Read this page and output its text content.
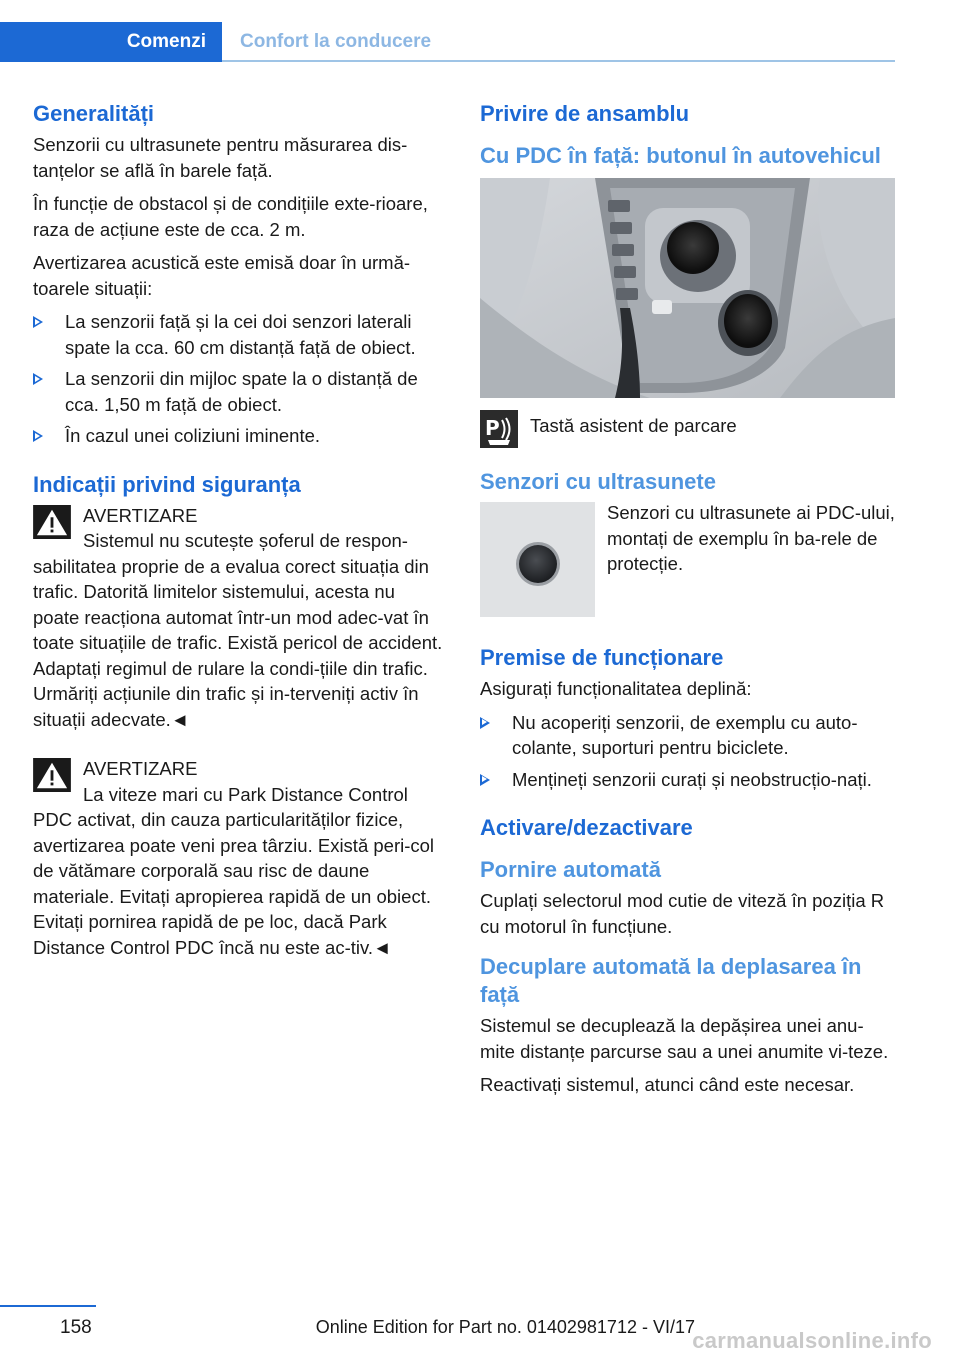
Comenzi	Confort la conducere
Generalități

Senzorii cu ultrasunete pentru măsurarea dis‐tanțelor se află în barele față.

În funcție de obstacol și de condițiile exte‐rioare, raza de acțiune este de cca. 2 m.

Avertizarea acustică este emisă doar în urmă‐toarele situații:

La senzorii față și la cei doi senzori laterali spate la cca. 60 cm distanță față de obiect.
La senzorii din mijloc spate la o distanță de cca. 1,50 m față de obiect.
În cazul unei coliziuni iminente.
Indicații privind siguranța
AVERTIZARE
Sistemul nu scutește șoferul de respon‐sabilitatea proprie de a evalua corect situația din trafic. Datorită limitelor sistemului, acesta nu poate reacționa automat într-un mod adec‐vat în toate situațiile de trafic. Există pericol de accident. Adaptați regimul de rulare la condi‐țiile din trafic. Urmăriți acțiunile din trafic și in‐terveniți activ în situații adecvate.◄
AVERTIZARE
La viteze mari cu Park Distance Control PDC activat, din cauza particularităților fizice, avertizarea poate veni prea târziu. Există peri‐col de vătămare corporală sau risc de daune materiale. Evitați apropierea rapidă de un obiect. Evitați pornirea rapidă de pe loc, dacă Park Distance Control PDC încă nu este ac‐tiv.◄
Privire de ansamblu
Cu PDC în față: butonul în autovehicul
P Tastă asistent de parcare
Senzori cu ultrasunete
Senzori cu ultrasunete ai PDC-ului, montați de exemplu în ba‐rele de protecție.
Premise de funcționare

Asigurați funcționalitatea deplină:

Nu acoperiți senzorii, de exemplu cu auto‐colante, suporturi pentru biciclete.
Mențineți senzorii curați și neobstrucțio‐nați.
Activare/dezactivare
Pornire automată

Cuplați selectorul mod cutie de viteză în poziția R cu motorul în funcțiune.

Decuplare automată la deplasarea în față

Sistemul se decuplează la depășirea unei anu‐mite distanțe parcurse sau a unei anumite vi‐teze.

Reactivați sistemul, atunci când este necesar.

158	Online Edition for Part no. 01402981712 - VI/17
carmanualsonline.info
